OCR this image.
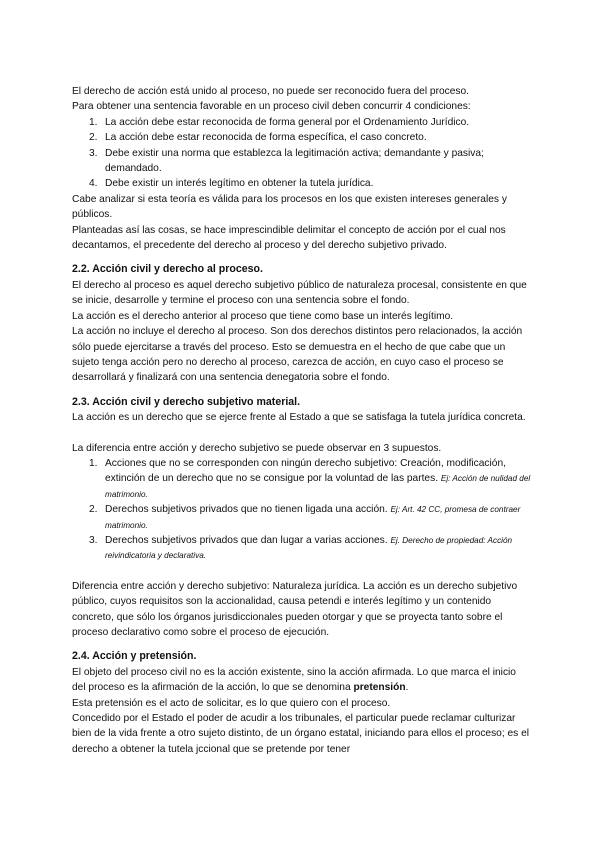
El derecho de acción está unido al proceso, no puede ser reconocido fuera del proceso.

Para obtener una sentencia favorable en un proceso civil deben concurrir 4 condiciones:

1. La acción debe estar reconocida de forma general por el Ordenamiento Jurídico.
2. La acción debe estar reconocida de forma específica, el caso concreto.
3. Debe existir una norma que establezca la legitimación activa; demandante y pasiva; demandado.
4. Debe existir un interés legítimo en obtener la tutela jurídica.

Cabe analizar si esta teoría es válida para los procesos en los que existen intereses generales y públicos.

Planteadas así las cosas, se hace imprescindible delimitar el concepto de acción por el cual nos decantamos, el precedente del derecho al proceso y del derecho subjetivo privado.

2.2. Acción civil y derecho al proceso.

El derecho al proceso es aquel derecho subjetivo público de naturaleza procesal, consistente en que se inicie, desarrolle y termine el proceso con una sentencia sobre el fondo.

La acción es el derecho anterior al proceso que tiene como base un interés legítimo.

La acción no incluye el derecho al proceso. Son dos derechos distintos pero relacionados, la acción sólo puede ejercitarse a través del proceso. Esto se demuestra en el hecho de que cabe que un sujeto tenga acción pero no derecho al proceso, carezca de acción, en cuyo caso el proceso se desarrollará y finalizará con una sentencia denegatoria sobre el fondo.

2.3. Acción civil y derecho subjetivo material.

La acción es un derecho que se ejerce frente al Estado a que se satisfaga la tutela jurídica concreta.

La diferencia entre acción y derecho subjetivo se puede observar en 3 supuestos.

1. Acciones que no se corresponden con ningún derecho subjetivo: Creación, modificación, extinción de un derecho que no se consigue por la voluntad de las partes. Ej: Acción de nulidad del matrimonio.
2. Derechos subjetivos privados que no tienen ligada una acción. Ej: Art. 42 CC, promesa de contraer matrimonio.
3. Derechos subjetivos privados que dan lugar a varias acciones. Ej. Derecho de propiedad: Acción reivindicatoria y declarativa.

Diferencia entre acción y derecho subjetivo: Naturaleza jurídica. La acción es un derecho subjetivo público, cuyos requisitos son la accionalidad, causa petendi e interés legítimo y un contenido concreto, que sólo los órganos jurisdiccionales pueden otorgar y que se proyecta tanto sobre el proceso declarativo como sobre el proceso de ejecución.

2.4. Acción y pretensión.

El objeto del proceso civil no es la acción existente, sino la acción afirmada. Lo que marca el inicio del proceso es la afirmación de la acción, lo que se denomina pretensión.

Esta pretensión es el acto de solicitar, es lo que quiero con el proceso.

Concedido por el Estado el poder de acudir a los tribunales, el particular puede reclamar culturizar bien de la vida frente a otro sujeto distinto, de un órgano estatal, iniciando para ellos el proceso; es el derecho a obtener la tutela jccional que se pretende por tener
